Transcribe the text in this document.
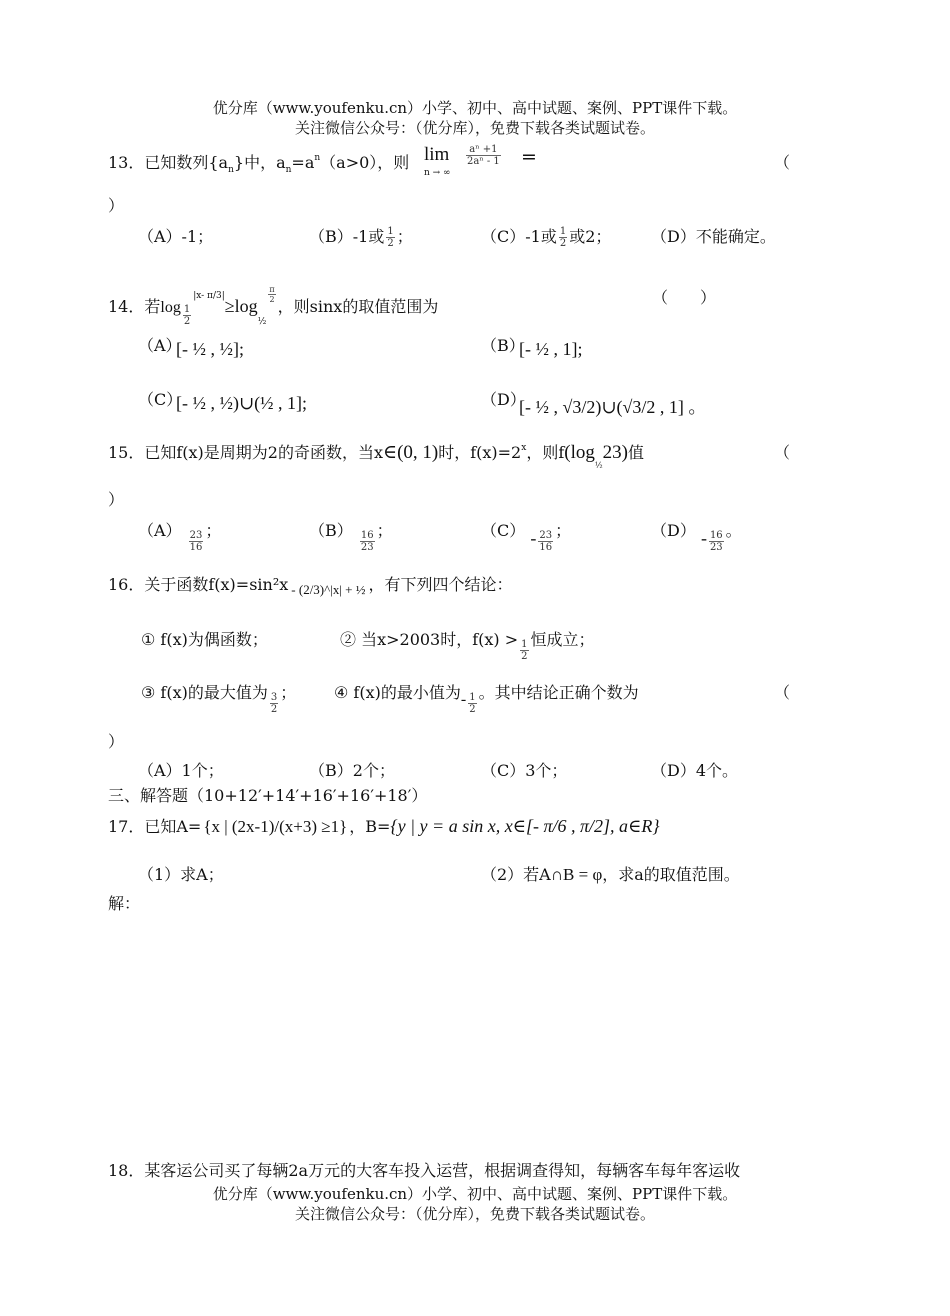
优分库（www.youfenku.cn）小学、初中、高中试题、案例、PPT课件下载。
关注微信公众号：（优分库），免费下载各类试题试卷。
13．已知数列$\{a_n\}$中，$a_n=a^n(a>0)$，则 lim
n → ∞
$\frac{\text{aⁿ +1}}{\text{2aⁿ - 1}}$ =	（
）
（A）-1；	（B）-1或 $\frac{1}{2}$ ；	（C）-1或 $\frac{1}{2}$ 或2； （D）不能确定。
14．若$\log \frac{1}{2}$
$^{|x- \pi/3|}\ge\log_{\frac{1}{2}}$
$\frac{\pi}{2}$
，则sinx的取值范围为	（　　）
（A）
[- ½ , ½];	（B）
[- ½ , 1];
（C）
[- ½ , ½)∪(½ , 1];	（D）
[- ½ , √3/2)∪(√3/2 , 1] 。
15．已知f(x)是周期为2的奇函数，当x∈(0, 1)时，$f(x)=2^x$，则$f(\log_{\frac{1}{2}}23)$值	（
）
$(A) \frac{23}{16}$ ；	$(B) \frac{16}{23}$ ；	$(C) - \frac{23}{16}$ ；	$(D) - \frac{16}{23}$ 。
16．关于函数f(x)=sin²x $_{- (2/3)\^{}|x| + \frac{1}{2}}$ ，有下列四个结论：
① f(x)为偶函数；	② 当x>2003时，$f(x) > \frac{1}{2}$ 恒成立；
③ f(x)的最大值为 $\frac{3}{2}$ ； ④ f(x)的最小值为- $\frac{1}{2}$ 。其中结论正确个数为	（
）
（A）1个；	（B）2个；	（C）3个；	（D）4个。
三、解答题（10+12′+14′+16′+16′+18′）
17．已知A= {x | (2x-1)/(x+3) ≥1} ，B={y | y = a sin x, x∈[- π/6 , π/2], a∈R}
（1）求A；	（2）若A∩B = φ，求a的取值范围。
解：
18．某客运公司买了每辆2a万元的大客车投入运营，根据调查得知，每辆客车每年客运收
优分库（www.youfenku.cn）小学、初中、高中试题、案例、PPT课件下载。
关注微信公众号：（优分库），免费下载各类试题试卷。
